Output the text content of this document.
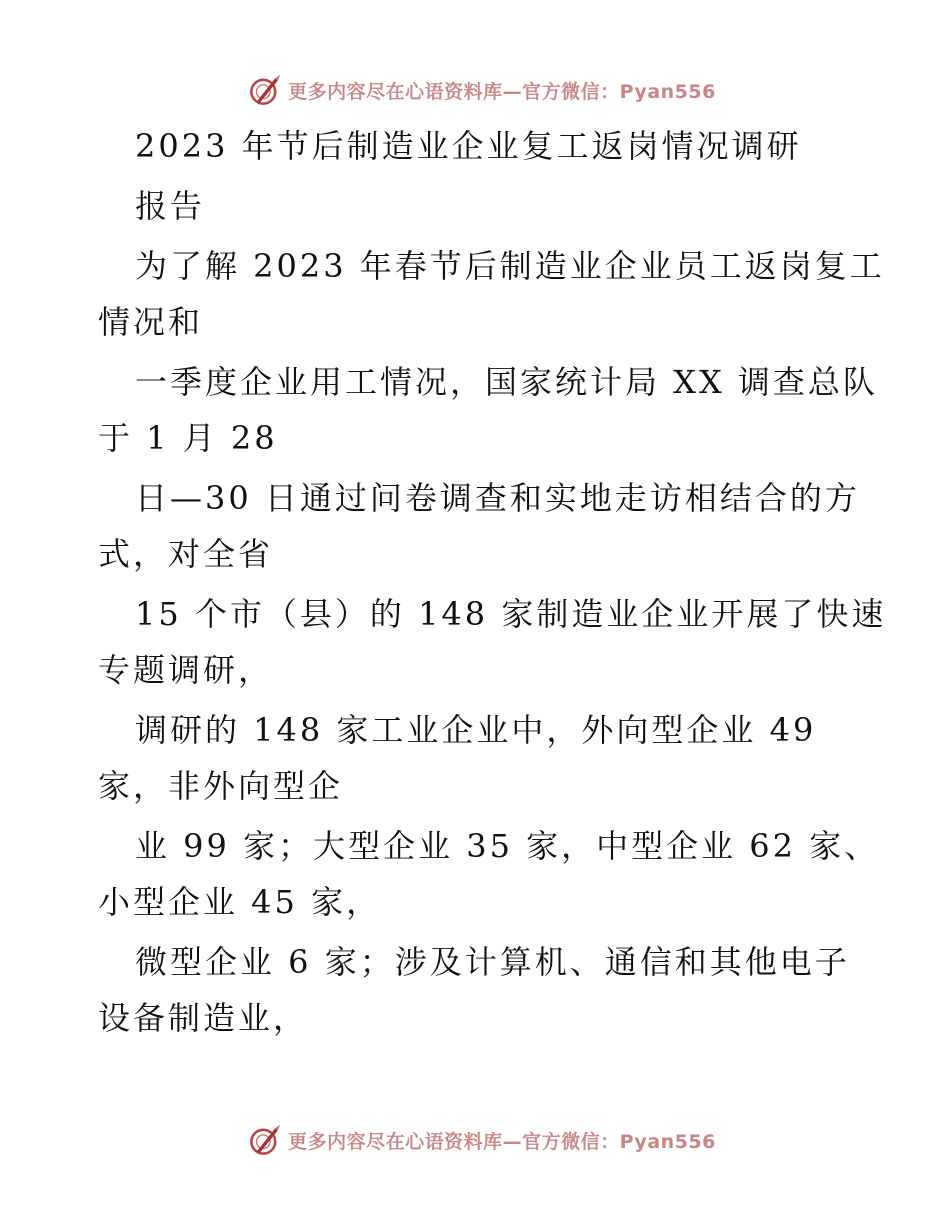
更多内容尽在心语资料库—官方微信：Pyan556
2023 年节后制造业企业复工返岗情况调研
报告
为了解 2023 年春节后制造业企业员工返岗复工
情况和
一季度企业用工情况，国家统计局 XX 调查总队
于 1 月 28
日—30 日通过问卷调查和实地走访相结合的方
式，对全省
15 个市（县）的 148 家制造业企业开展了快速
专题调研，
调研的 148 家工业企业中，外向型企业 49
家，非外向型企
业 99 家；大型企业 35 家，中型企业 62 家、
小型企业 45 家，
微型企业 6 家；涉及计算机、通信和其他电子
设备制造业，
更多内容尽在心语资料库—官方微信：Pyan556
